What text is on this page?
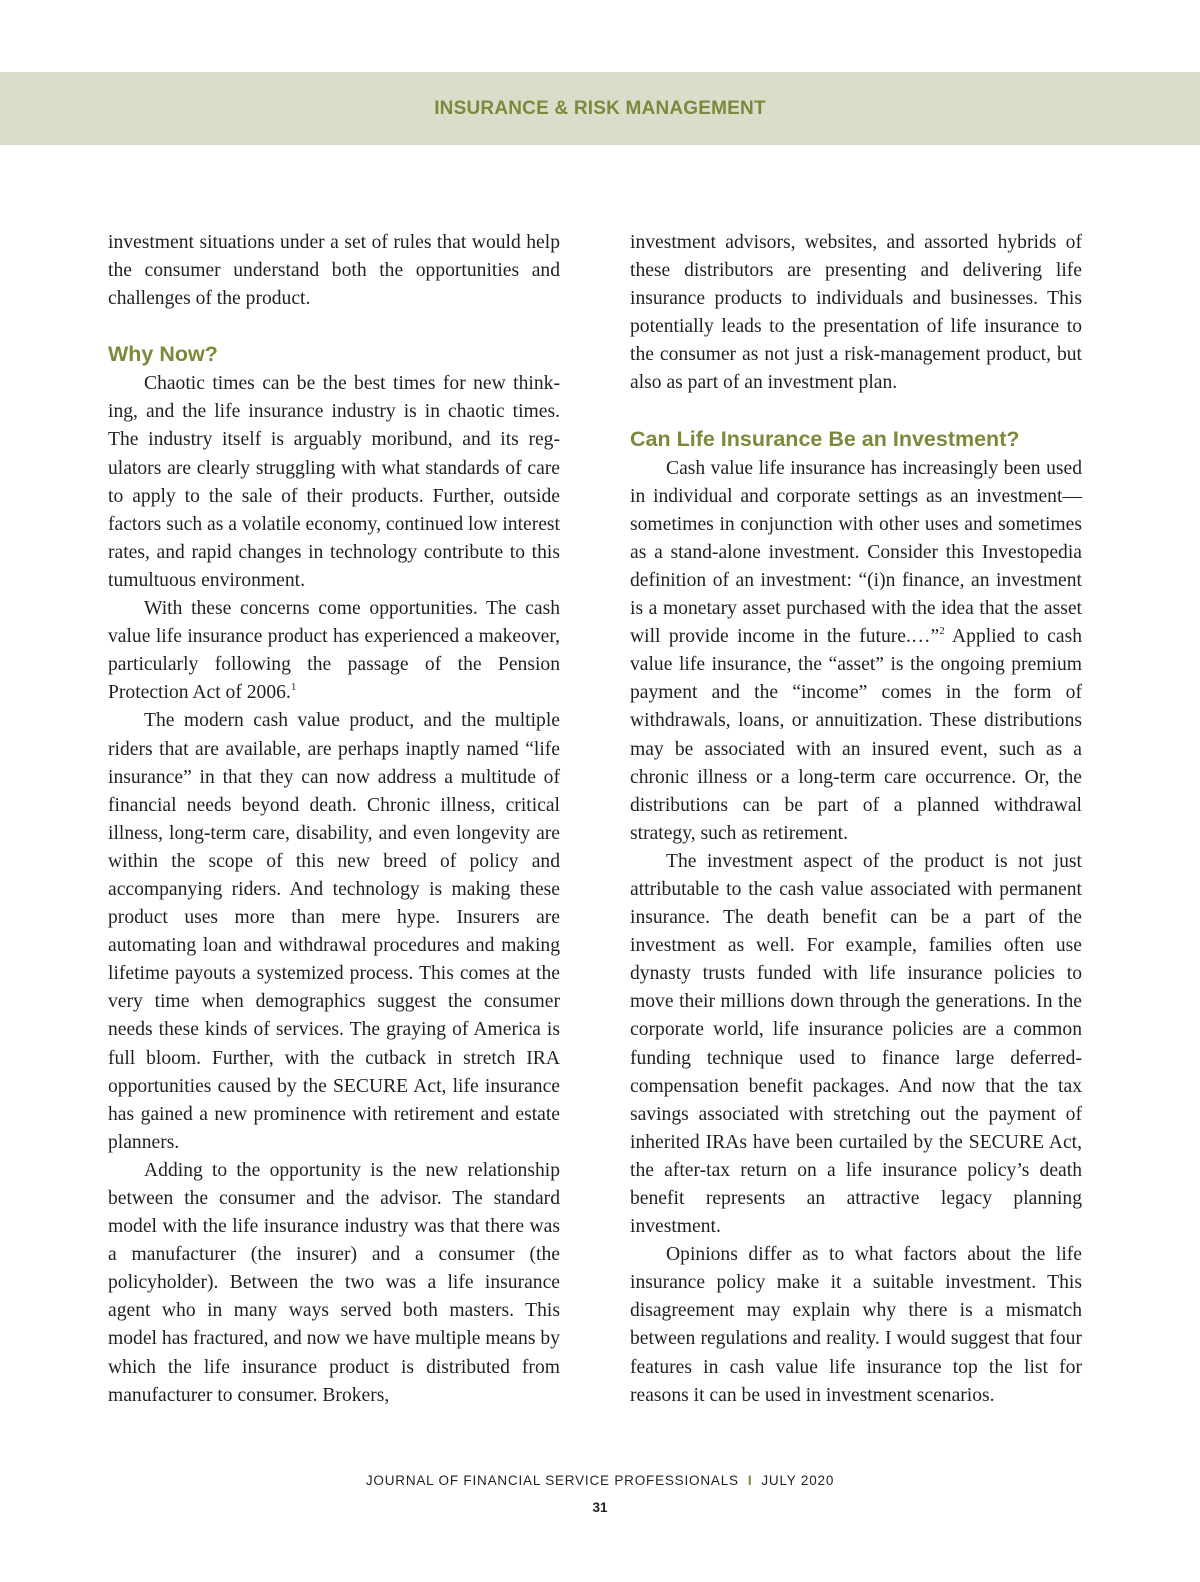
INSURANCE & RISK MANAGEMENT

investment situations under a set of rules that would help the consumer understand both the opportunities and challenges of the product.

Why Now?

Chaotic times can be the best times for new thinking, and the life insurance industry is in chaotic times. The industry itself is arguably moribund, and its regulators are clearly struggling with what standards of care to apply to the sale of their products. Further, outside factors such as a volatile economy, continued low interest rates, and rapid changes in technology contribute to this tumultuous environment.

With these concerns come opportunities. The cash value life insurance product has experienced a makeover, particularly following the passage of the Pension Protection Act of 2006.$^1$

The modern cash value product, and the multiple riders that are available, are perhaps inaptly named “life insurance” in that they can now address a multitude of financial needs beyond death. Chronic illness, critical illness, long-term care, disability, and even longevity are within the scope of this new breed of policy and accompanying riders. And technology is making these product uses more than mere hype. Insurers are automating loan and withdrawal procedures and making lifetime payouts a systemized process. This comes at the very time when demographics suggest the consumer needs these kinds of services. The graying of America is full bloom. Further, with the cutback in stretch IRA opportunities caused by the SECURE Act, life insurance has gained a new prominence with retirement and estate planners.

Adding to the opportunity is the new relationship between the consumer and the advisor. The standard model with the life insurance industry was that there was a manufacturer (the insurer) and a consumer (the policyholder). Between the two was a life insurance agent who in many ways served both masters. This model has fractured, and now we have multiple means by which the life insurance product is distributed from manufacturer to consumer. Brokers,

investment advisors, websites, and assorted hybrids of these distributors are presenting and delivering life insurance products to individuals and businesses. This potentially leads to the presentation of life insurance to the consumer as not just a risk-management product, but also as part of an investment plan.

Can Life Insurance Be an Investment?

Cash value life insurance has increasingly been used in individual and corporate settings as an investment—sometimes in conjunction with other uses and sometimes as a stand-alone investment. Consider this Investopedia definition of an investment: “(i)n finance, an investment is a monetary asset purchased with the idea that the asset will provide income in the future.…”$^2$ Applied to cash value life insurance, the “asset” is the ongoing premium payment and the “income” comes in the form of withdrawals, loans, or annuitization. These distributions may be associated with an insured event, such as a chronic illness or a long-term care occurrence. Or, the distributions can be part of a planned withdrawal strategy, such as retirement.

The investment aspect of the product is not just attributable to the cash value associated with permanent insurance. The death benefit can be a part of the investment as well. For example, families often use dynasty trusts funded with life insurance policies to move their millions down through the generations. In the corporate world, life insurance policies are a common funding technique used to finance large deferred-compensation benefit packages. And now that the tax savings associated with stretching out the payment of inherited IRAs have been curtailed by the SECURE Act, the after-tax return on a life insurance policy’s death benefit represents an attractive legacy planning investment.

Opinions differ as to what factors about the life insurance policy make it a suitable investment. This disagreement may explain why there is a mismatch between regulations and reality. I would suggest that four features in cash value life insurance top the list for reasons it can be used in investment scenarios.

JOURNAL OF FINANCIAL SERVICE PROFESSIONALS I JULY 2020
31
